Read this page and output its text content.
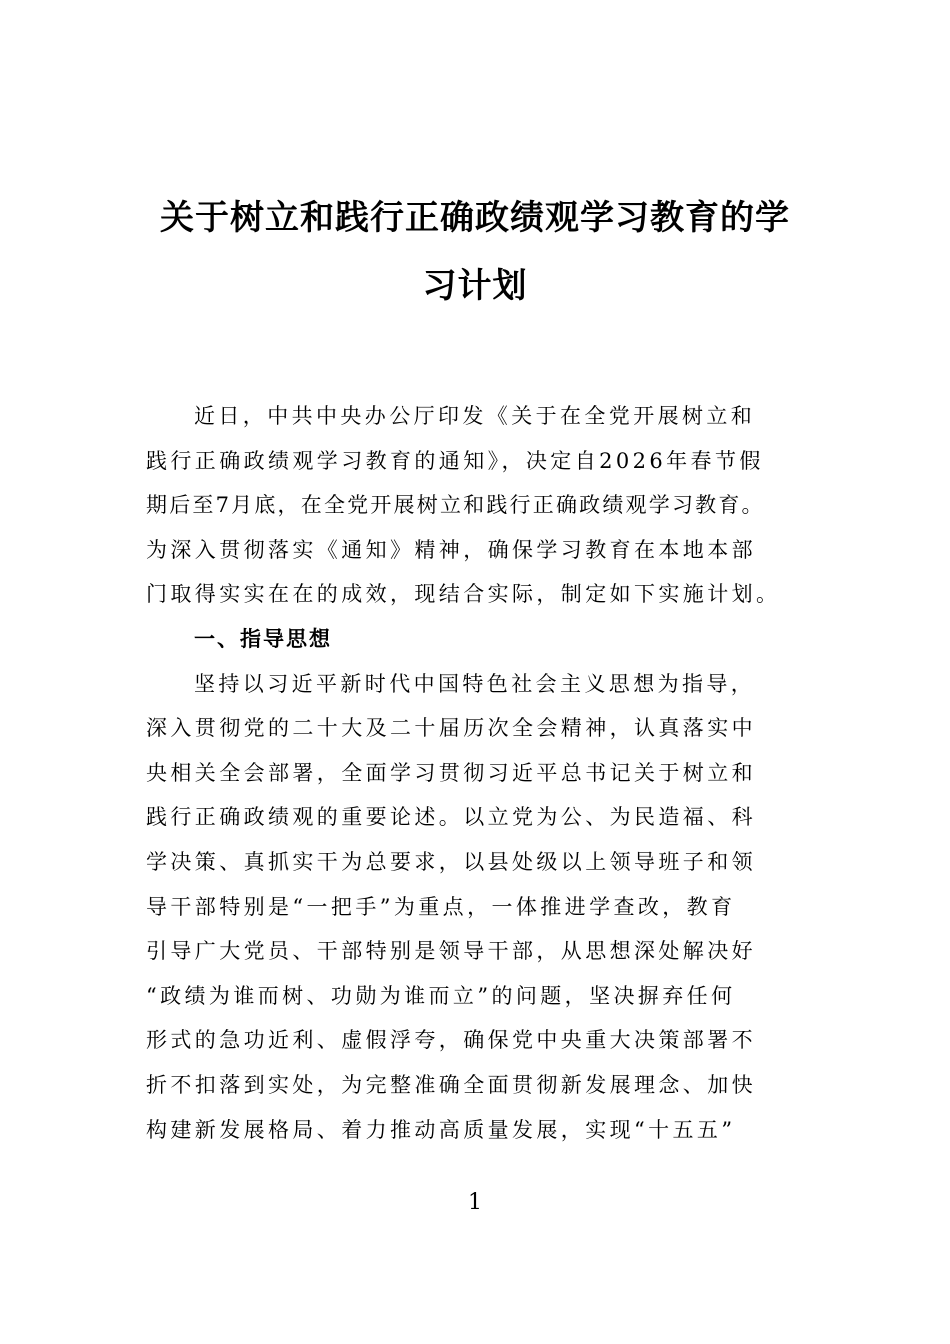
关于树立和践行正确政绩观学习教育的学
习计划
近日，中共中央办公厅印发《关于在全党开展树立和
践行正确政绩观学习教育的通知》，决定自2026年春节假
期后至7月底，在全党开展树立和践行正确政绩观学习教育。
为深入贯彻落实《通知》精神，确保学习教育在本地本部
门取得实实在在的成效，现结合实际，制定如下实施计划。
一、指导思想
坚持以习近平新时代中国特色社会主义思想为指导，
深入贯彻党的二十大及二十届历次全会精神，认真落实中
央相关全会部署，全面学习贯彻习近平总书记关于树立和
践行正确政绩观的重要论述。以立党为公、为民造福、科
学决策、真抓实干为总要求，以县处级以上领导班子和领
导干部特别是“一把手”为重点，一体推进学查改，教育
引导广大党员、干部特别是领导干部，从思想深处解决好
“政绩为谁而树、功勋为谁而立”的问题，坚决摒弃任何
形式的急功近利、虚假浮夸，确保党中央重大决策部署不
折不扣落到实处，为完整准确全面贯彻新发展理念、加快
构建新发展格局、着力推动高质量发展，实现“十五五”
1
